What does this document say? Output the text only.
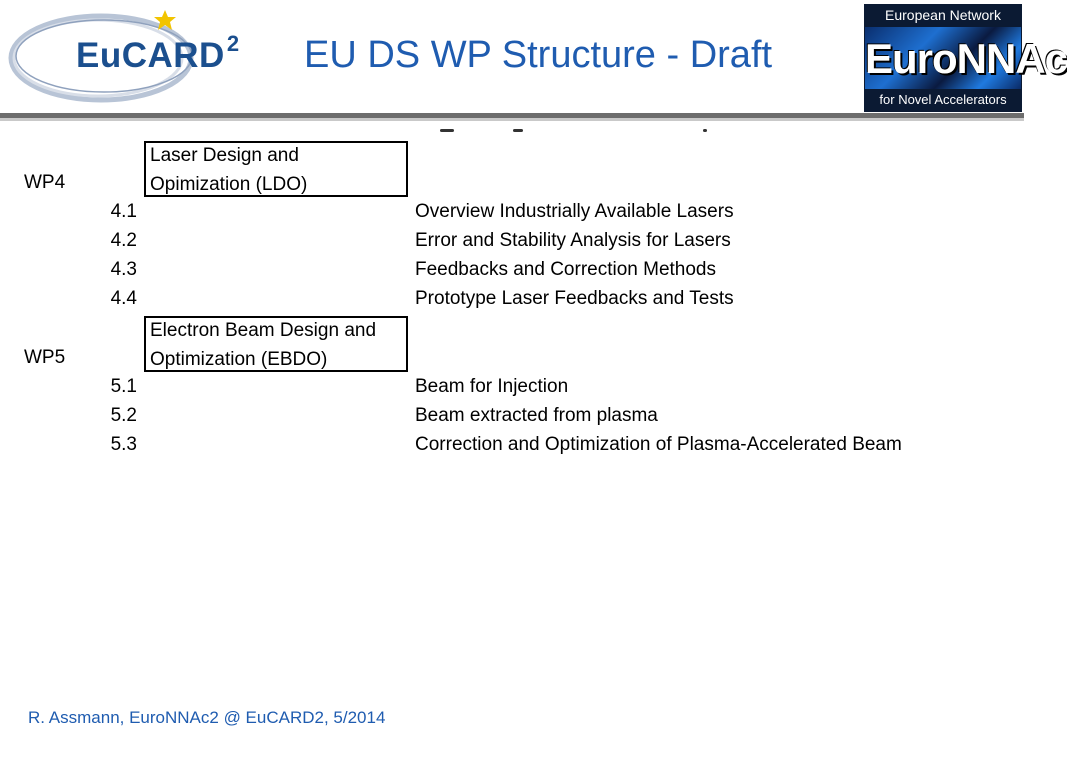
EuCARD$^2$ EU DS WP Structure - Draft
European Network
EuroNNAc
for Novel Accelerators
Laser Design and
Opimization (LDO)
WP4
4.1	Overview Industrially Available Lasers
4.2	Error and Stability Analysis for Lasers
4.3	Feedbacks and Correction Methods
4.4	Prototype Laser Feedbacks and Tests
Electron Beam Design and
Optimization (EBDO)
WP5
5.1	Beam for Injection
5.2	Beam extracted from plasma
5.3	Correction and Optimization of Plasma-Accelerated Beam
R. Assmann, EuroNNAc2 @ EuCARD2, 5/2014
